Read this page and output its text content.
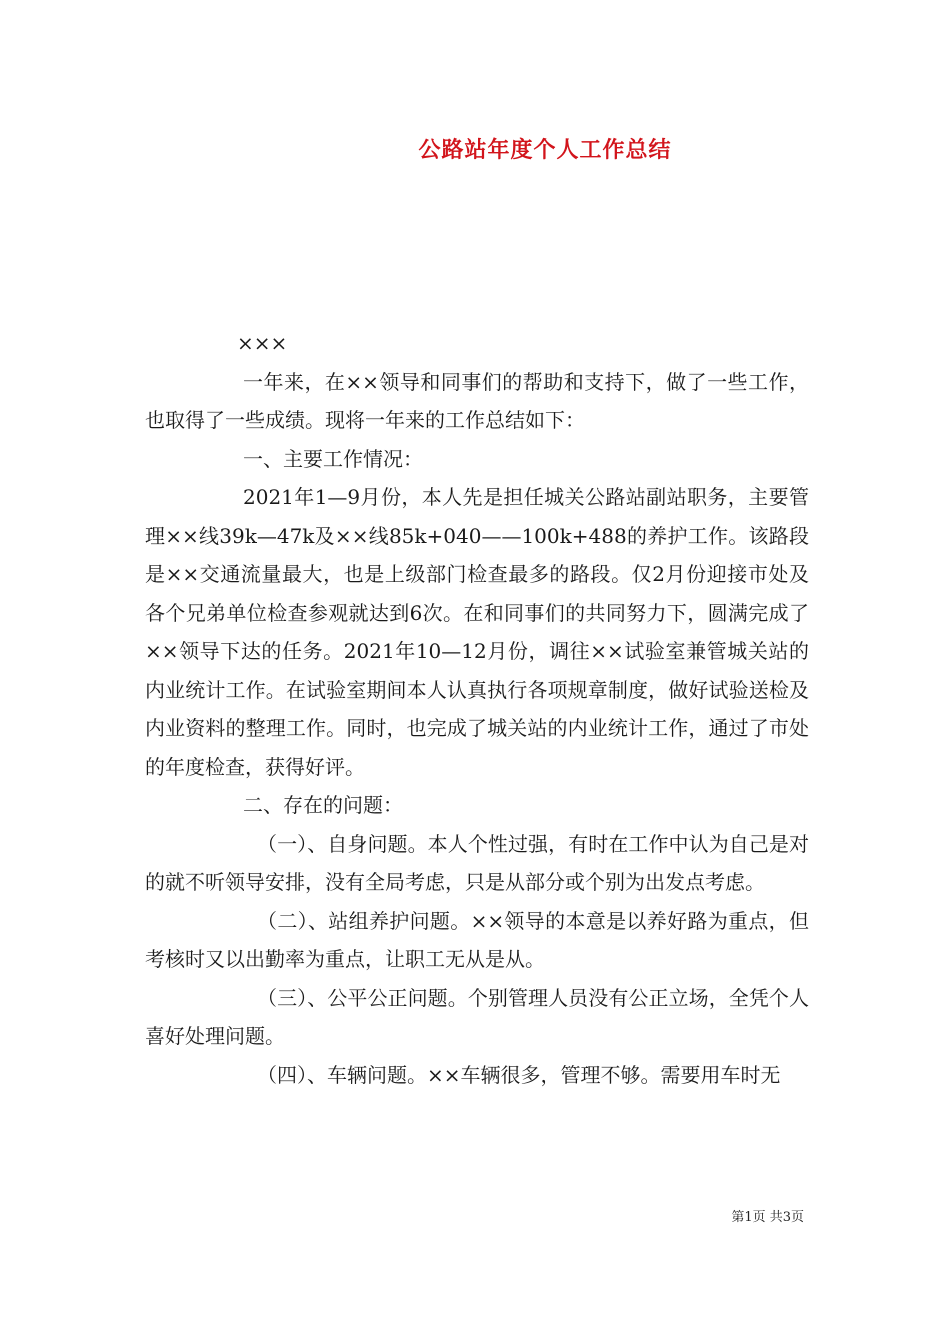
公路站年度个人工作总结

×××

一年来，在××领导和同事们的帮助和支持下，做了一些工作，也取得了一些成绩。现将一年来的工作总结如下：

一、主要工作情况：

2021年1—9月份，本人先是担任城关公路站副站职务，主要管理××线39k—47k及××线85k+040——100k+488的养护工作。该路段是××交通流量最大，也是上级部门检查最多的路段。仅2月份迎接市处及各个兄弟单位检查参观就达到6次。在和同事们的共同努力下，圆满完成了××领导下达的任务。2021年10—12月份，调往××试验室兼管城关站的内业统计工作。在试验室期间本人认真执行各项规章制度，做好试验送检及内业资料的整理工作。同时，也完成了城关站的内业统计工作，通过了市处的年度检查，获得好评。

二、存在的问题：

（一）、自身问题。本人个性过强，有时在工作中认为自己是对的就不听领导安排，没有全局考虑，只是从部分或个别为出发点考虑。

（二）、站组养护问题。××领导的本意是以养好路为重点，但考核时又以出勤率为重点，让职工无从是从。

（三）、公平公正问题。个别管理人员没有公正立场，全凭个人喜好处理问题。

（四）、车辆问题。××车辆很多，管理不够。需要用车时无

第1页 共3页
